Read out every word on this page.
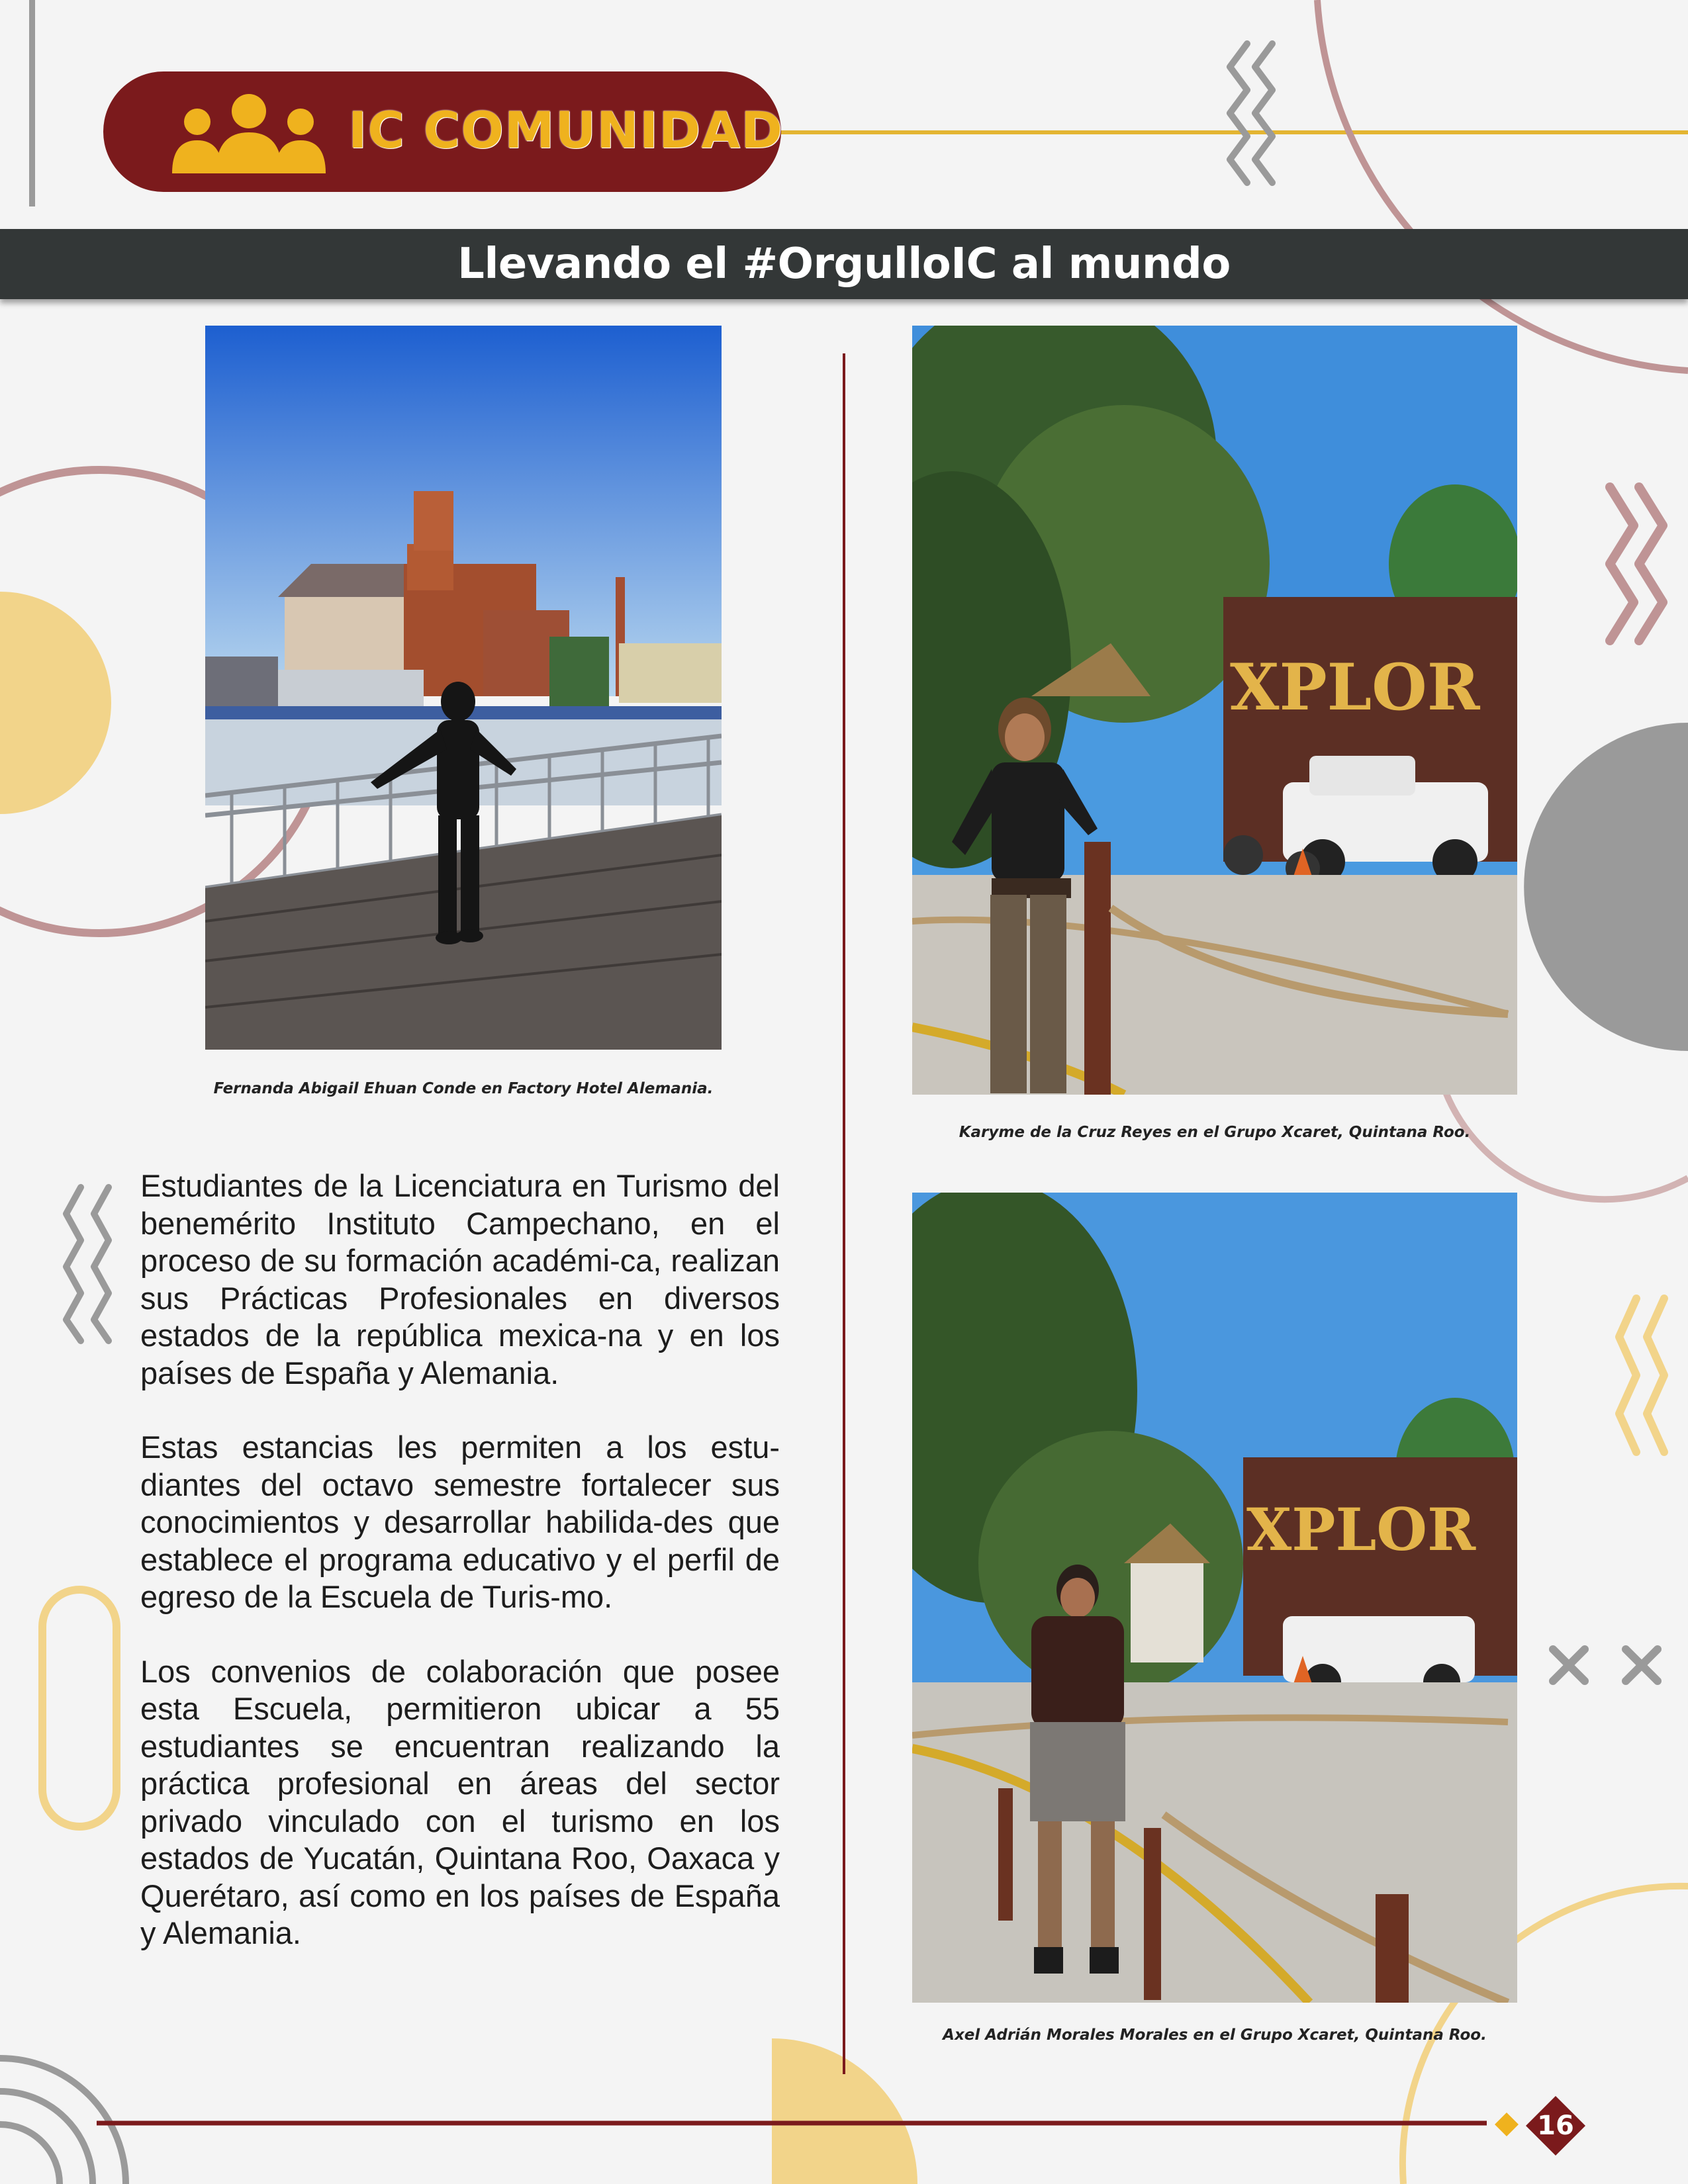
IC COMUNIDAD
Llevando el #OrgulloIC al mundo
Fernanda Abigail Ehuan Conde en Factory Hotel Alemania.
XPLOR
Karyme de la Cruz Reyes en el Grupo Xcaret, Quintana Roo.
XPLOR
Axel Adrián Morales Morales en el Grupo Xcaret, Quintana Roo.

Estudiantes de la Licenciatura en Turismo del benemérito Instituto Campechano, en el proceso de su formación académi-ca, realizan sus Prácticas Profesionales en diversos estados de la república mexica-na y en los países de España y Alemania.

Estas estancias les permiten a los estu-diantes del octavo semestre fortalecer sus conocimientos y desarrollar habilida-des que establece el programa educativo y el perfil de egreso de la Escuela de Turis-mo.

Los convenios de colaboración que posee esta Escuela, permitieron ubicar a 55 estudiantes se encuentran realizando la práctica profesional en áreas del sector privado vinculado con el turismo en los estados de Yucatán, Quintana Roo, Oaxaca y Querétaro, así como en los países de España y Alemania.

16
